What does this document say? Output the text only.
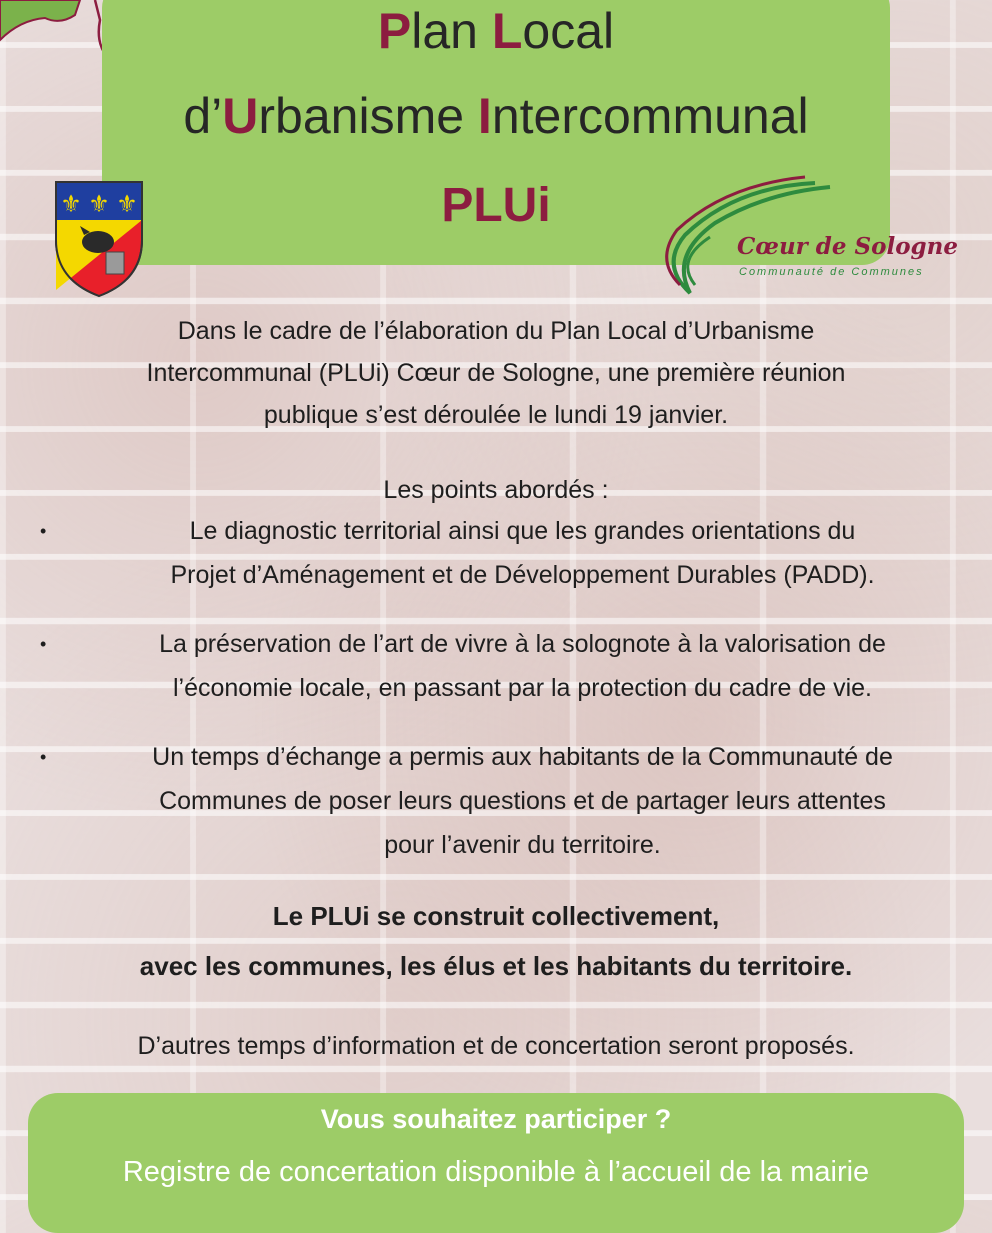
Plan Local
d’Urbanisme Intercommunal
PLUi
⚜ ⚜ ⚜
Cœur de Sologne
Communauté de Communes
Dans le cadre de l’élaboration du Plan Local d’Urbanisme
Intercommunal (PLUi) Cœur de Sologne, une première réunion
publique s’est déroulée le lundi 19 janvier.
Les points abordés :
•	Le diagnostic territorial ainsi que les grandes orientations du
Projet d’Aménagement et de Développement Durables (PADD).
•	La préservation de l’art de vivre à la solognote à la valorisation de
l’économie locale, en passant par la protection du cadre de vie.
•	Un temps d’échange a permis aux habitants de la Communauté de
Communes de poser leurs questions et de partager leurs attentes
pour l’avenir du territoire.
Le PLUi se construit collectivement,
avec les communes, les élus et les habitants du territoire.
D’autres temps d’information et de concertation seront proposés.
Vous souhaitez participer ?
Registre de concertation disponible à l’accueil de la mairie
